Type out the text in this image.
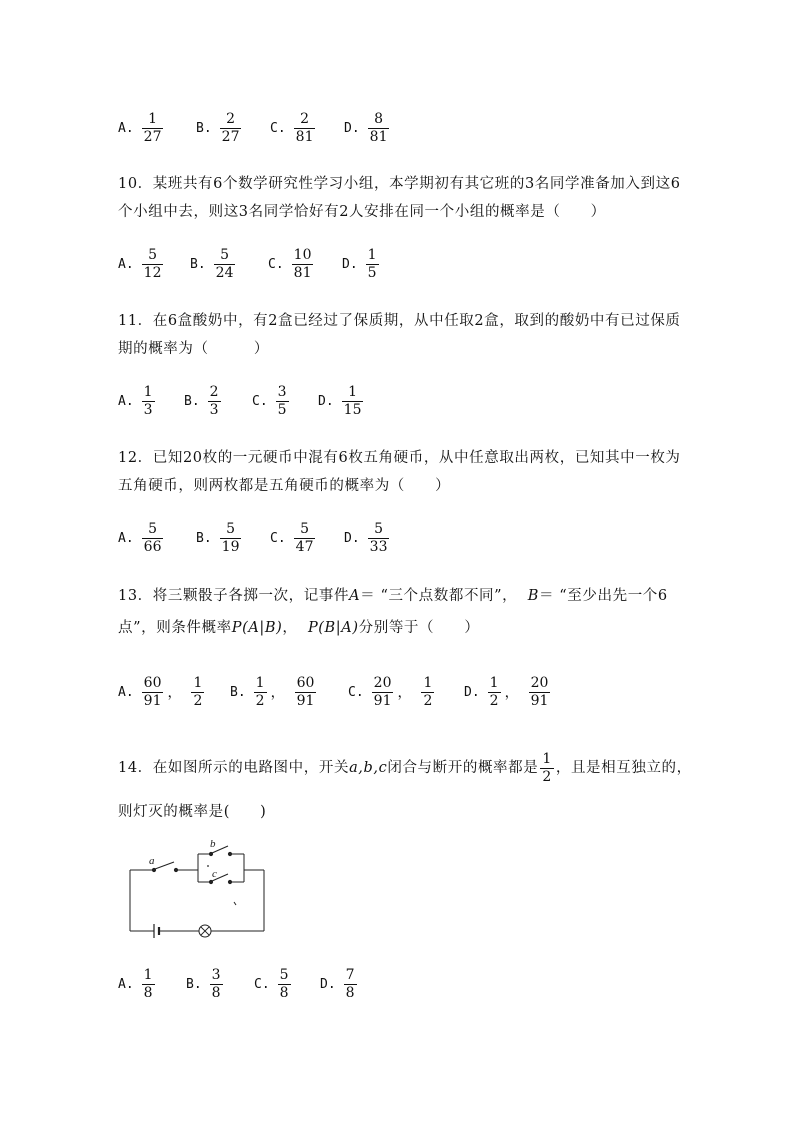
A. $\frac{1}{27}$	B. $\frac{2}{27} C$. $\frac{2}{81} D$. $\frac{8}{81}$
10．某班共有6个数学研究性学习小组，本学期初有其它班的3名同学准备加入到这6
个小组中去，则这3名同学恰好有2人安排在同一个小组的概率是（　　）
A. $\frac{5}{12} B$. $\frac{5}{24}$	C. $\frac{10}{81} D$. $\frac{1}{5}$
11．在6盒酸奶中，有2盒已经过了保质期，从中任取2盒，取到的酸奶中有已过保质
期的概率为（　　　）
A. $\frac{1}{3} B$. $\frac{2}{3} C$. $\frac{3}{5} D$. $\frac{1}{15}$
12．已知20枚的一元硬币中混有6枚五角硬币，从中任意取出两枚，已知其中一枚为
五角硬币，则两枚都是五角硬币的概率为（　　）
A. $\frac{5}{66}$	B. $\frac{5}{19} C$. $\frac{5}{47} D$. $\frac{5}{33}$
13．将三颗骰子各掷一次，记事件A＝ “三个点数都不同”， B＝ “至少出先一个6
点”，则条件概率P(A|B)， P(B|A)分别等于（　　）
A. $\frac{60}{91}$ ， $\frac{1}{2} B$. $\frac{1}{2}$ ， $\frac{60}{91} C$. $\frac{20}{91}$ ， $\frac{1}{2} D$. $\frac{1}{2}$ ， $\frac{20}{91}$
14．在如图所示的电路图中，开关 a,b,c 闭合与断开的概率都是 $\frac{1}{2}$ ，且是相互独立的，
则灯灭的概率是(　　)
a
b
c
A. $\frac{1}{8} B$. $\frac{3}{8} C$. $\frac{5}{8} D$. $\frac{7}{8}$
